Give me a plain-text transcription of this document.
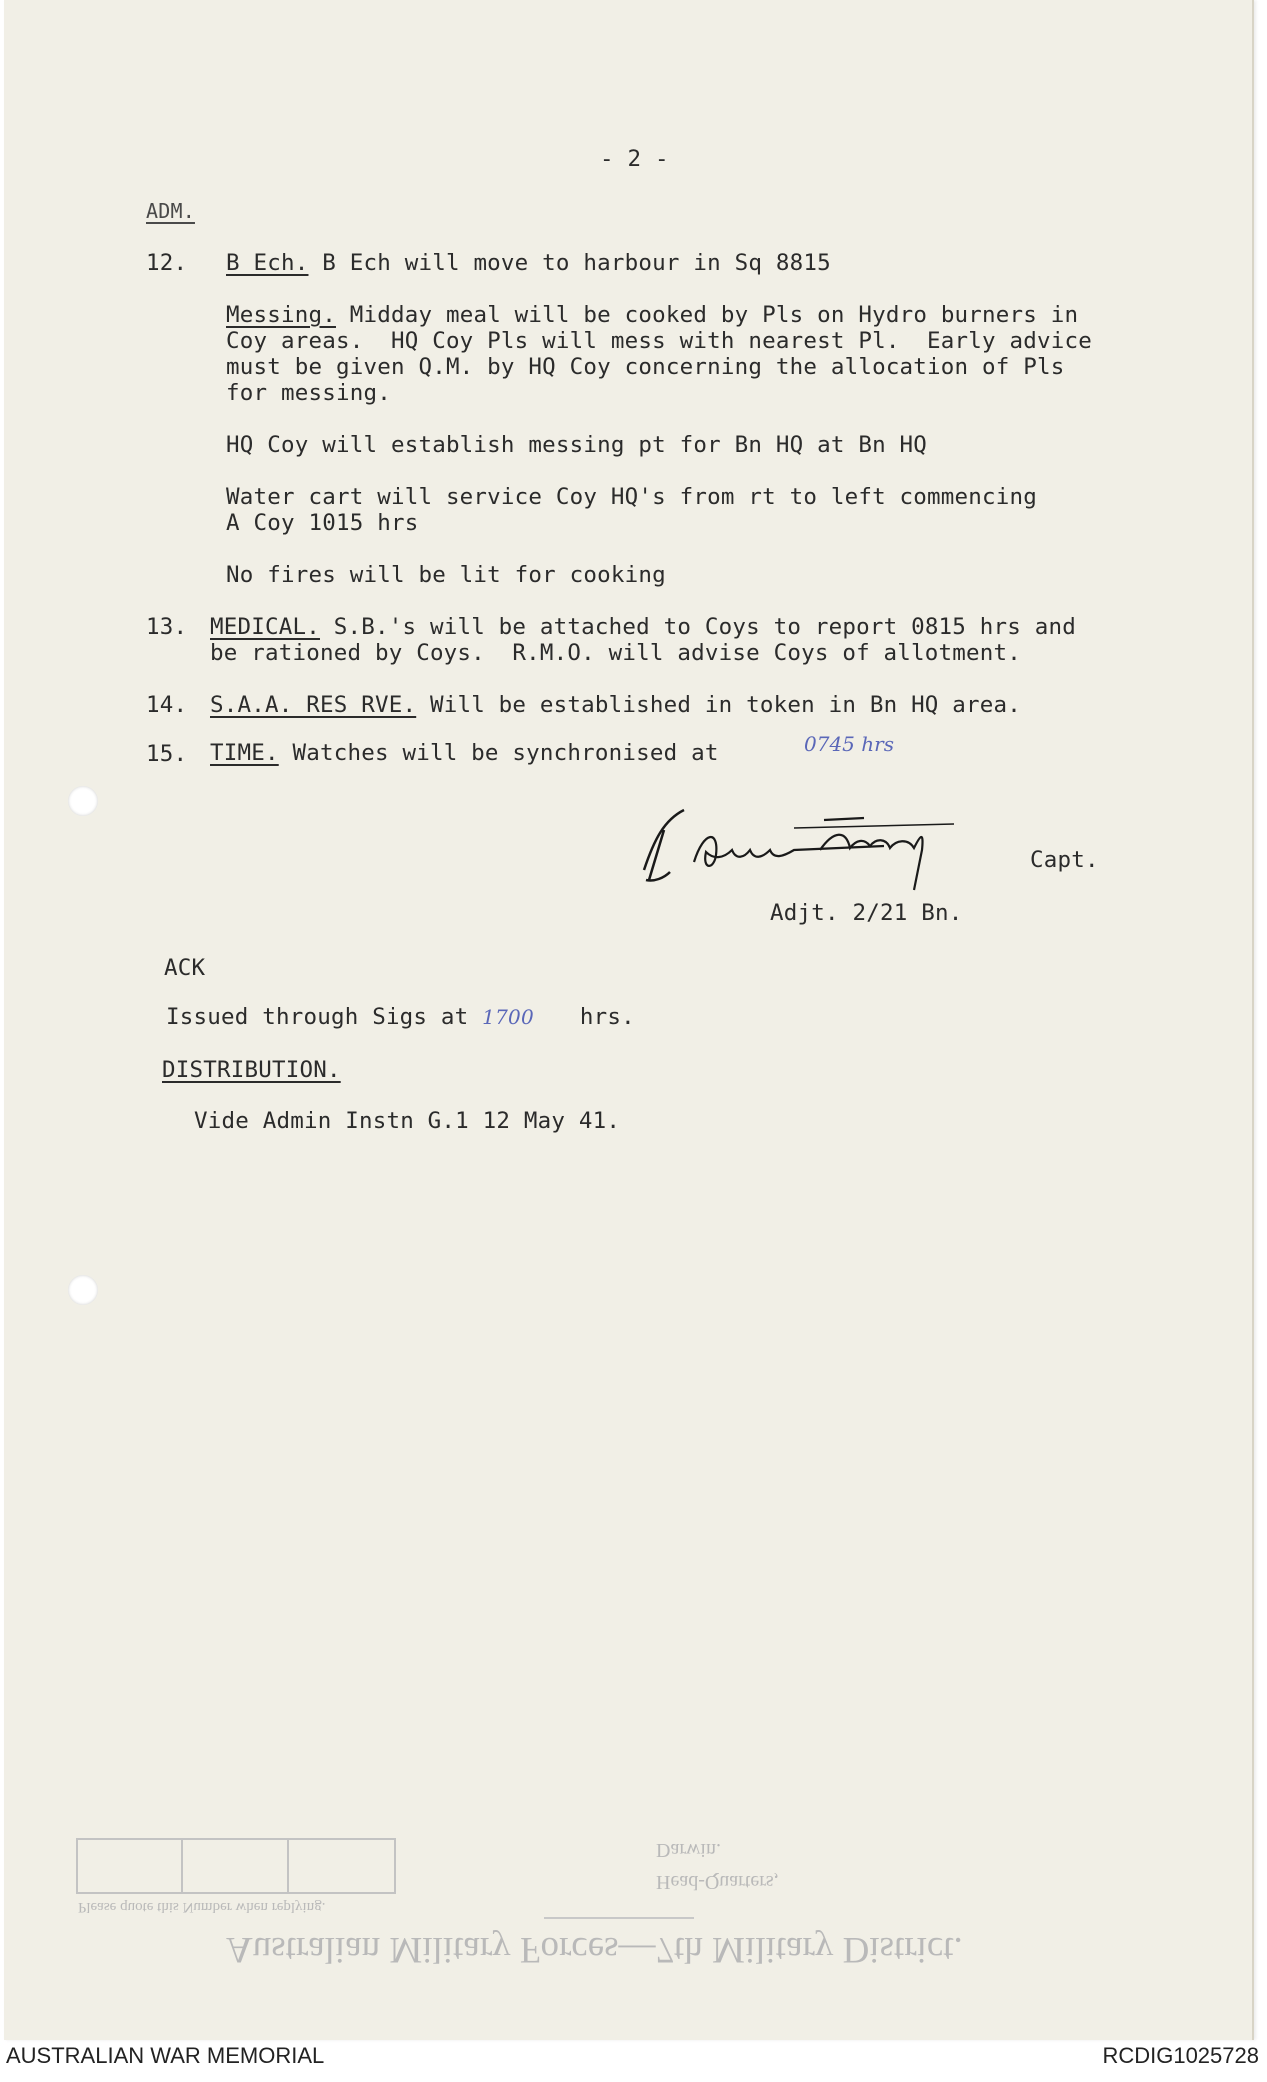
- 2 -
ADM.
12. B Ech. B Ech will move to harbour in Sq 8815
Messing. Midday meal will be cooked by Pls on Hydro burners in
Coy areas.  HQ Coy Pls will mess with nearest Pl.  Early advice
must be given Q.M. by HQ Coy concerning the allocation of Pls
for messing.
HQ Coy will establish messing pt for Bn HQ at Bn HQ
Water cart will service Coy HQ's from rt to left commencing
A Coy 1015 hrs
No fires will be lit for cooking
13. MEDICAL. S.B.'s will be attached to Coys to report 0815 hrs and
be rationed by Coys.  R.M.O. will advise Coys of allotment.
14. S.A.A. RES RVE. Will be established in token in Bn HQ area.
15. TIME. Watches will be synchronised at	0745 hrs
Capt.
Adjt. 2/21 Bn.
ACK
Issued through Sigs at 1700 hrs.
DISTRIBUTION.
Vide Admin Instn G.1 12 May 41.
Darwin.
Head-Quarters,
Please quote this Number when replying.
Australian Military Forces—7th Military District.
AUSTRALIAN WAR MEMORIAL	RCDIG1025728
